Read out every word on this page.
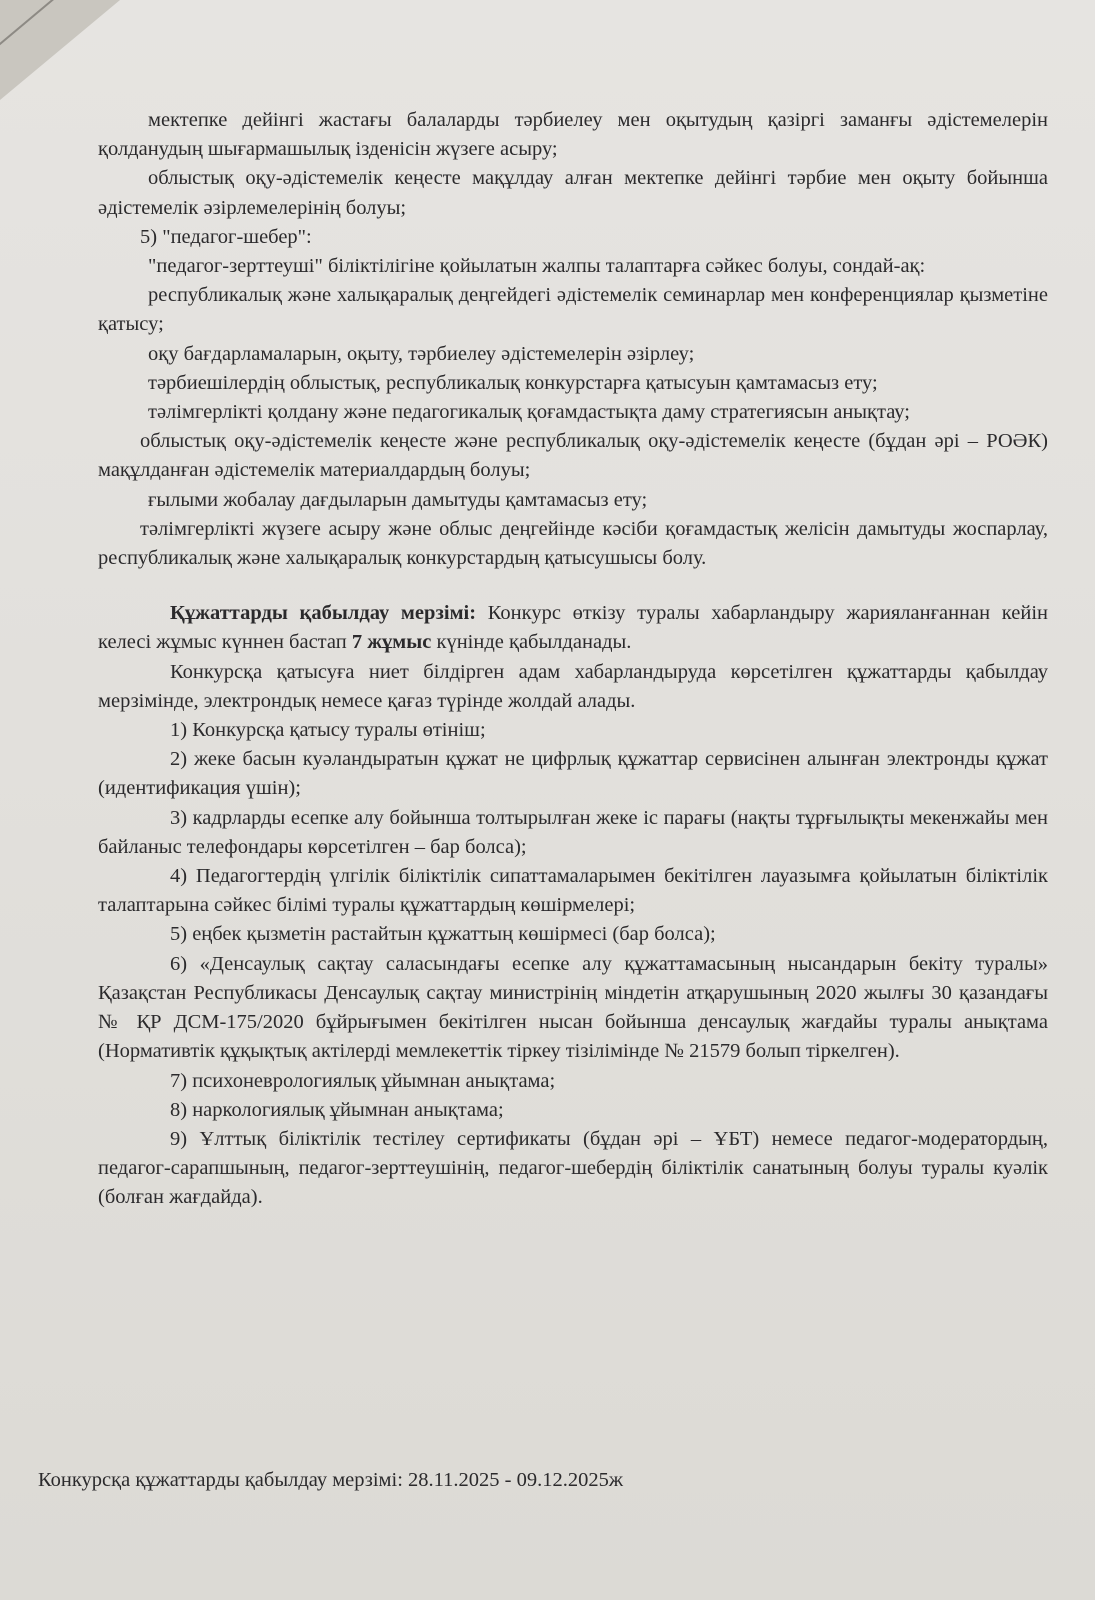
мектепке дейінгі жастағы балаларды тәрбиелеу мен оқытудың қазіргі заманғы әдістемелерін қолданудың шығармашылық ізденісін жүзеге асыру;

облыстық оқу-әдістемелік кеңесте мақұлдау алған мектепке дейінгі тәрбие мен оқыту бойынша әдістемелік әзірлемелерінің болуы;

5) "педагог-шебер":

"педагог-зерттеуші" біліктілігіне қойылатын жалпы талаптарға сәйкес болуы, сондай-ақ:

республикалық және халықаралық деңгейдегі әдістемелік семинарлар мен конференциялар қызметіне қатысу;

оқу бағдарламаларын, оқыту, тәрбиелеу әдістемелерін әзірлеу;

тәрбиешілердің облыстық, республикалық конкурстарға қатысуын қамтамасыз ету;

тәлімгерлікті қолдану және педагогикалық қоғамдастықта даму стратегиясын анықтау;

облыстық оқу-әдістемелік кеңесте және республикалық оқу-әдістемелік кеңесте (бұдан әрі – РОӘК) мақұлданған әдістемелік материалдардың болуы;

ғылыми жобалау дағдыларын дамытуды қамтамасыз ету;

тәлімгерлікті жүзеге асыру және облыс деңгейінде кәсіби қоғамдастық желісін дамытуды жоспарлау, республикалық және халықаралық конкурстардың қатысушысы болу.

Құжаттарды қабылдау мерзімі: Конкурс өткізу туралы хабарландыру жарияланғаннан кейін келесі жұмыс күннен бастап 7 жұмыс күнінде қабылданады.

Конкурсқа қатысуға ниет білдірген адам хабарландыруда көрсетілген құжаттарды қабылдау мерзімінде, электрондық немесе қағаз түрінде жолдай алады.

1) Конкурсқа қатысу туралы өтініш;

2) жеке басын куәландыратын құжат не цифрлық құжаттар сервисінен алынған электронды құжат (идентификация үшін);

3) кадрларды есепке алу бойынша толтырылған жеке іс парағы (нақты тұрғылықты мекенжайы мен байланыс телефондары көрсетілген – бар болса);

4) Педагогтердің үлгілік біліктілік сипаттамаларымен бекітілген лауазымға қойылатын біліктілік талаптарына сәйкес білімі туралы құжаттардың көшірмелері;

5) еңбек қызметін растайтын құжаттың көшірмесі (бар болса);

6) «Денсаулық сақтау саласындағы есепке алу құжаттамасының нысандарын бекіту туралы» Қазақстан Республикасы Денсаулық сақтау министрінің міндетін атқарушының 2020 жылғы 30 қазандағы № ҚР ДСМ-175/2020 бұйрығымен бекітілген нысан бойынша денсаулық жағдайы туралы анықтама (Нормативтік құқықтық актілерді мемлекеттік тіркеу тізілімінде № 21579 болып тіркелген).

7) психоневрологиялық ұйымнан анықтама;

8) наркологиялық ұйымнан анықтама;

9) Ұлттық біліктілік тестілеу сертификаты (бұдан әрі – ҰБТ) немесе педагог-модератордың, педагог-сарапшының, педагог-зерттеушінің, педагог-шебердің біліктілік санатының болуы туралы куәлік (болған жағдайда).

Конкурсқа құжаттарды қабылдау мерзімі: 28.11.2025 - 09.12.2025ж
